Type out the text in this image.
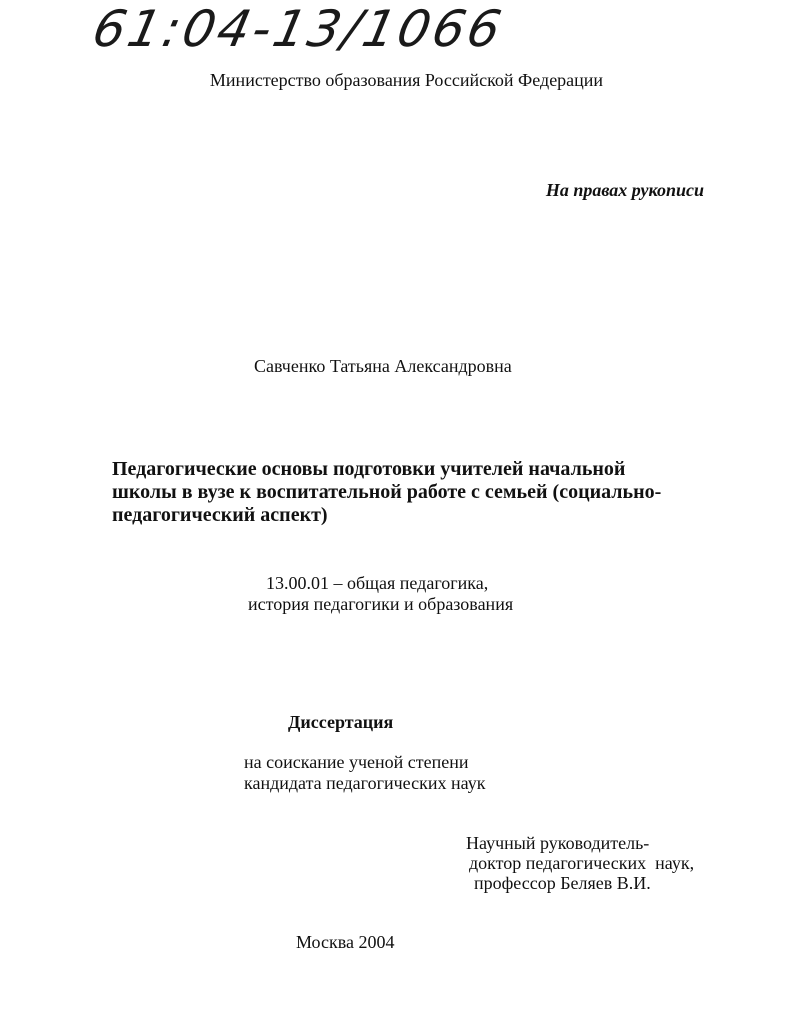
61:04-13/1066
Министерство образования Российской Федерации
На правах рукописи
Савченко Татьяна Александровна
Педагогические основы подготовки учителей начальной
школы в вузе к воспитательной работе с семьей (социально-
педагогический аспект)
13.00.01 – общая педагогика,
история педагогики и образования
Диссертация
на соискание ученой степени
кандидата педагогических наук
Научный руководитель-
доктор педагогических  наук,
профессор Беляев В.И.
Москва 2004
